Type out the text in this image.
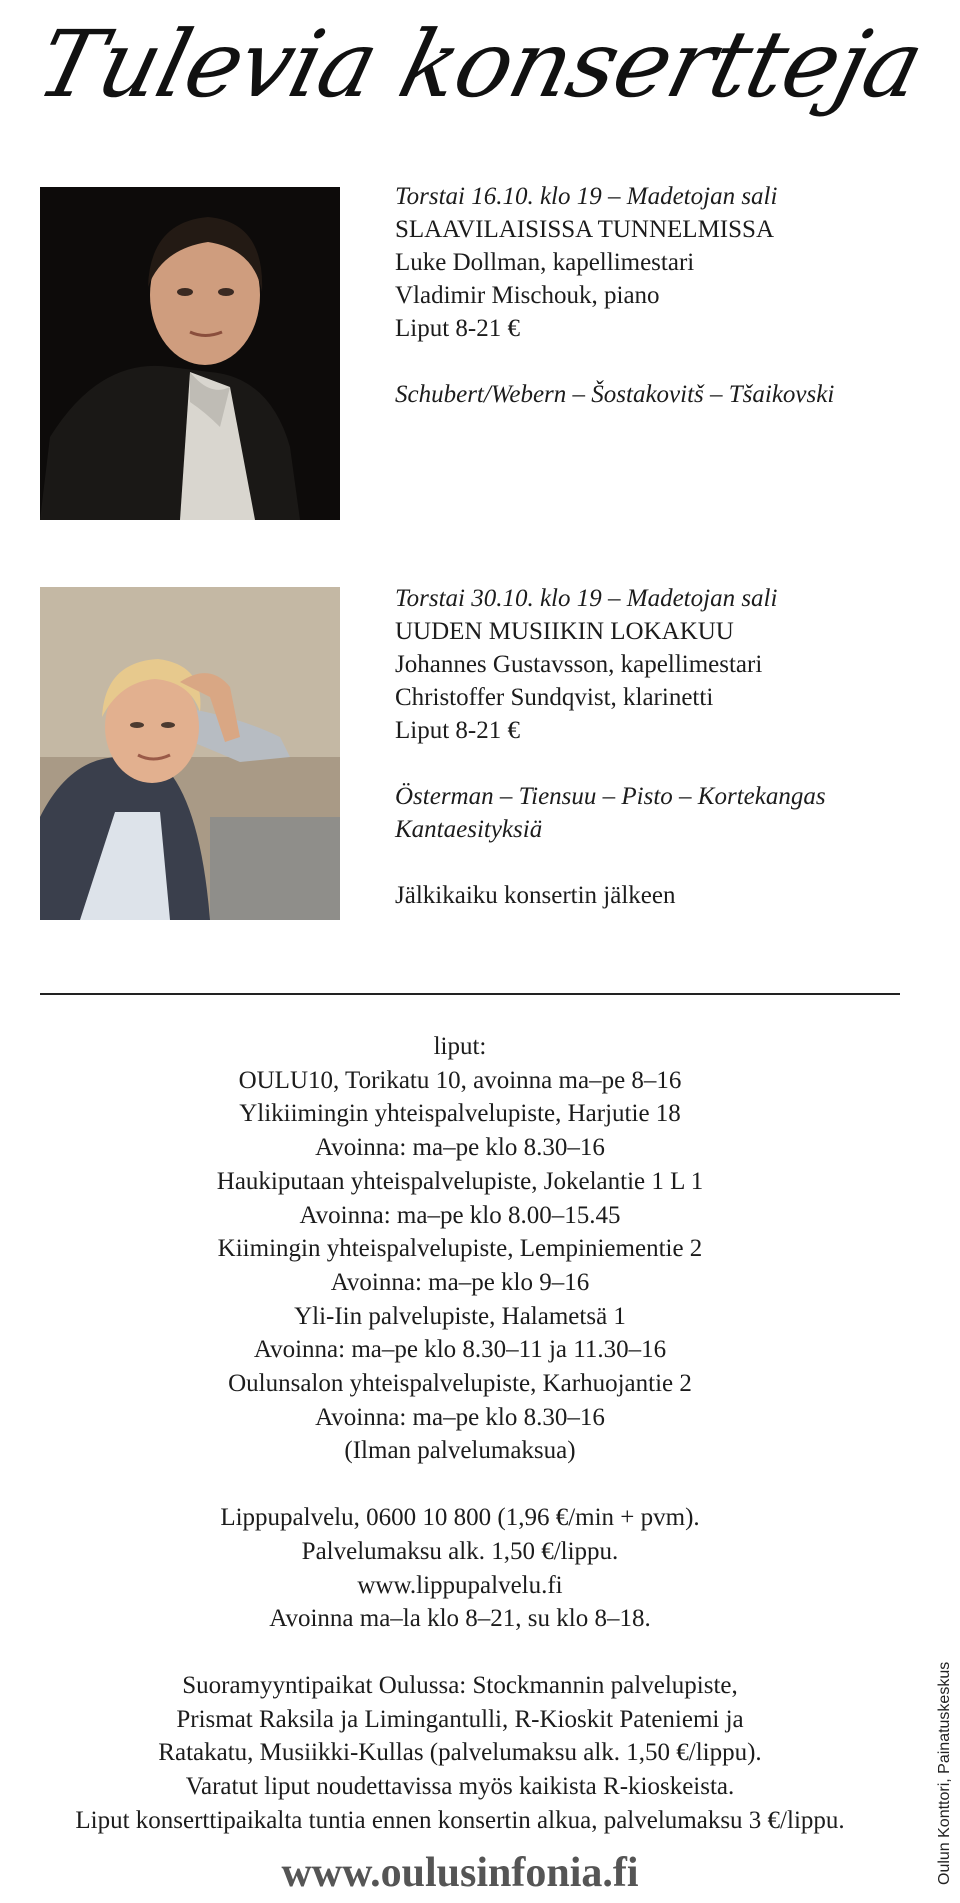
Tulevia konsertteja
Torstai 16.10. klo 19 – Madetojan sali
SLAAVILAISISSA TUNNELMISSA
Luke Dollman, kapellimestari
Vladimir Mischouk, piano
Liput 8-21 €
Schubert/Webern – Šostakovitš – Tšaikovski
Torstai 30.10. klo 19 – Madetojan sali
UUDEN MUSIIKIN LOKAKUU
Johannes Gustavsson, kapellimestari
Christoffer Sundqvist, klarinetti
Liput 8-21 €
Österman – Tiensuu – Pisto – Kortekangas
Kantaesityksiä
Jälkikaiku konsertin jälkeen
liput:
OULU10, Torikatu 10, avoinna ma–pe 8–16
Ylikiimingin yhteispalvelupiste, Harjutie 18
Avoinna: ma–pe klo 8.30–16
Haukiputaan yhteispalvelupiste, Jokelantie 1 L 1
Avoinna: ma–pe klo 8.00–15.45
Kiimingin yhteispalvelupiste, Lempiniementie 2
Avoinna: ma–pe klo 9–16
Yli-Iin palvelupiste, Halametsä 1
Avoinna: ma–pe klo 8.30–11 ja 11.30–16
Oulunsalon yhteispalvelupiste, Karhuojantie 2
Avoinna: ma–pe klo 8.30–16
(Ilman palvelumaksua)
Lippupalvelu, 0600 10 800 (1,96 €/min + pvm).
Palvelumaksu alk. 1,50 €/lippu.
www.lippupalvelu.fi
Avoinna ma–la klo 8–21, su klo 8–18.
Suoramyyntipaikat Oulussa: Stockmannin palvelupiste,
Prismat Raksila ja Limingantulli, R-Kioskit Pateniemi ja
Ratakatu, Musiikki-Kullas (palvelumaksu alk. 1,50 €/lippu).
Varatut liput noudettavissa myös kaikista R-kioskeista.
Liput konserttipaikalta tuntia ennen konsertin alkua, palvelumaksu 3 €/lippu.
www.oulusinfonia.fi	Oulun Konttori, Painatuskeskus
